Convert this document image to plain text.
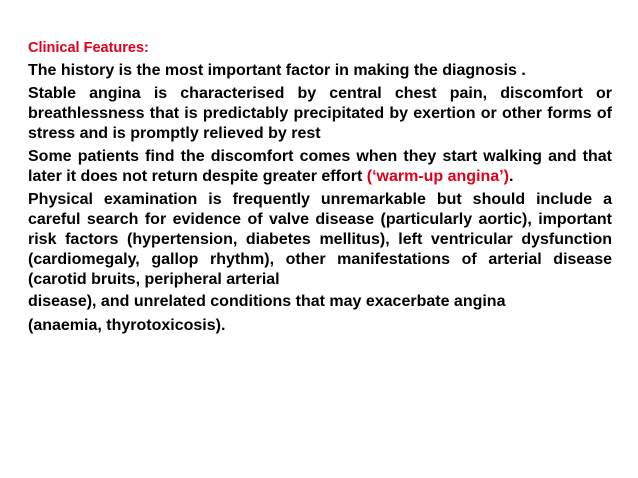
Clinical Features:
The history is the most important factor in making the diagnosis .
Stable angina is characterised by central chest pain, discomfort or breathlessness that is predictably precipitated by exertion or other forms of stress and is promptly relieved by rest
Some patients find the discomfort comes when they start walking and that later it does not return despite greater effort (‘warm-up angina’).
Physical examination is frequently unremarkable but should include a careful search for evidence of valve disease (particularly aortic), important risk factors (hypertension, diabetes mellitus), left ventricular dysfunction (cardiomegaly, gallop rhythm), other manifestations of arterial disease (carotid bruits, peripheral arterial
disease), and unrelated conditions that may exacerbate angina
(anaemia, thyrotoxicosis).
